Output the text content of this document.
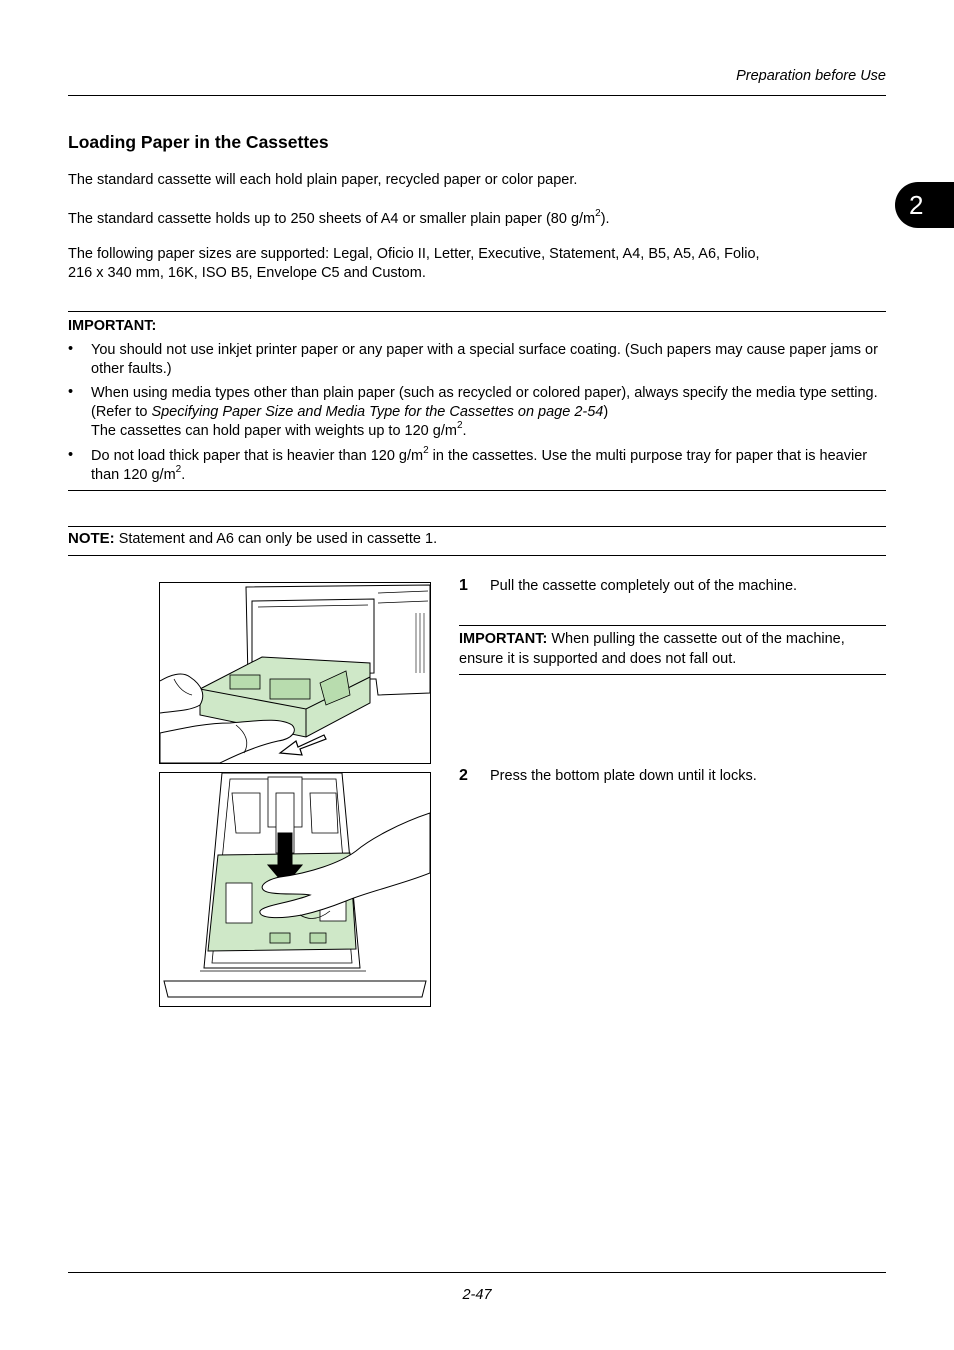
Preparation before Use
2
Loading Paper in the Cassettes
The standard cassette will each hold plain paper, recycled paper or color paper.
The standard cassette holds up to 250 sheets of A4 or smaller plain paper (80 $g/m^2$).
The following paper sizes are supported: Legal, Oficio II, Letter, Executive, Statement, A4, B5, A5, A6, Folio,
216 x 340 mm, 16K, ISO B5, Envelope C5 and Custom.
IMPORTANT:
• You should not use inkjet printer paper or any paper with a special surface coating. (Such papers may cause paper jams or other faults.)
• When using media types other than plain paper (such as recycled or colored paper), always specify the media type setting. (Refer to Specifying Paper Size and Media Type for the Cassettes on page 2-54)
The cassettes can hold paper with weights up to 120 $g/m^2$.
• Do not load thick paper that is heavier than 120 $g/m^2$ in the cassettes. Use the multi purpose tray for paper that is heavier than 120 $g/m^2$.
NOTE: Statement and A6 can only be used in cassette 1.
1 Pull the cassette completely out of the machine.
IMPORTANT: When pulling the cassette out of the machine, ensure it is supported and does not fall out.
2 Press the bottom plate down until it locks.
2-47
